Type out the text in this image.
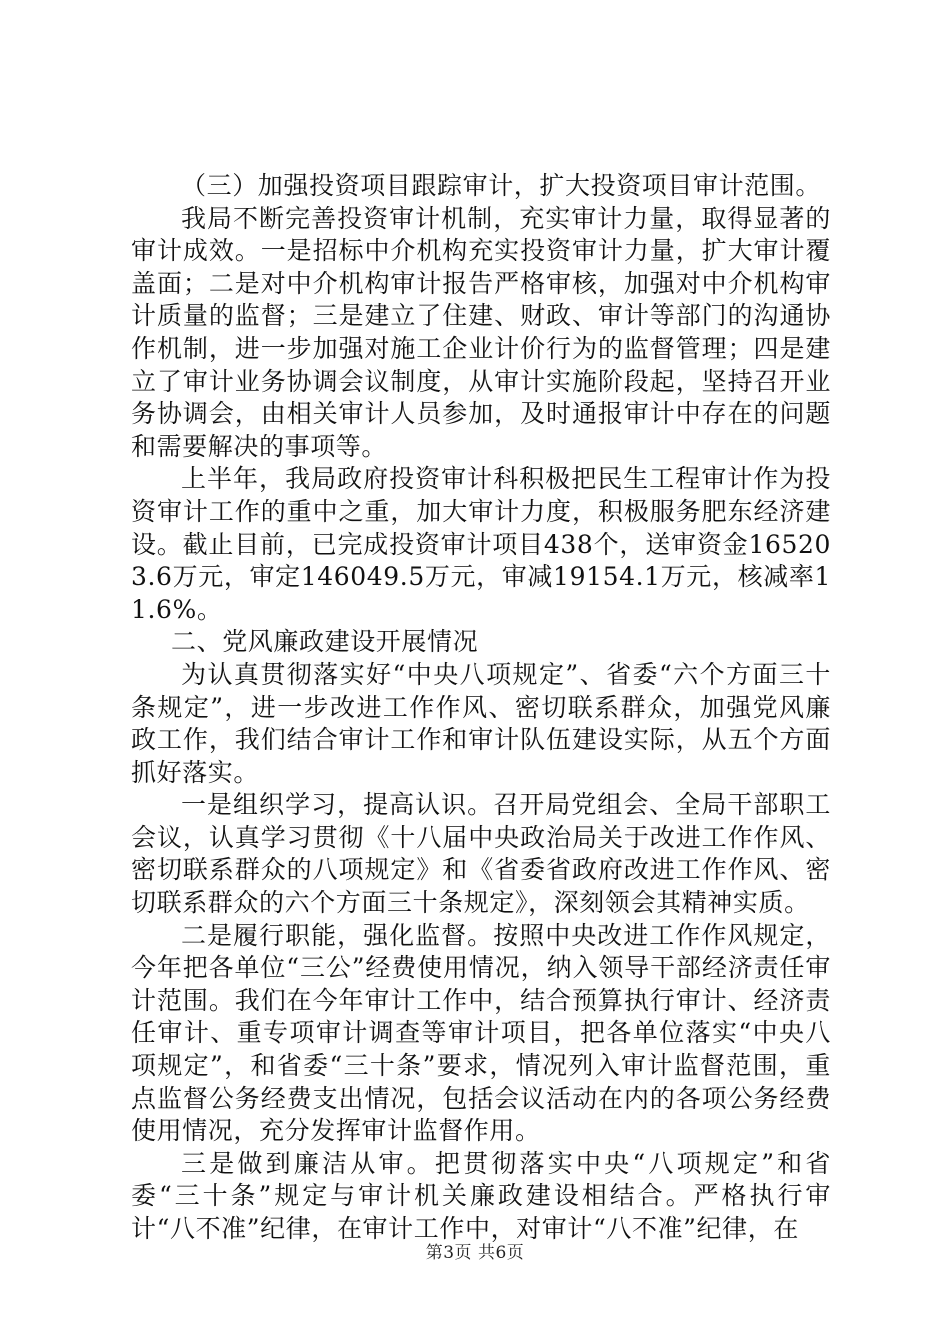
（三）加强投资项目跟踪审计，扩大投资项目审计范围。

我局不断完善投资审计机制，充实审计力量，取得显著的审计成效。一是招标中介机构充实投资审计力量，扩大审计覆盖面；二是对中介机构审计报告严格审核，加强对中介机构审计质量的监督；三是建立了住建、财政、审计等部门的沟通协作机制，进一步加强对施工企业计价行为的监督管理；四是建立了审计业务协调会议制度，从审计实施阶段起，坚持召开业务协调会，由相关审计人员参加，及时通报审计中存在的问题和需要解决的事项等。

上半年，我局政府投资审计科积极把民生工程审计作为投资审计工作的重中之重，加大审计力度，积极服务肥东经济建设。截止目前，已完成投资审计项目438个，送审资金165203.6万元，审定146049.5万元，审减19154.1万元，核减率11.6%。

二、党风廉政建设开展情况

为认真贯彻落实好“中央八项规定”、省委“六个方面三十条规定”，进一步改进工作作风、密切联系群众，加强党风廉政工作，我们结合审计工作和审计队伍建设实际，从五个方面抓好落实。

一是组织学习，提高认识。召开局党组会、全局干部职工会议，认真学习贯彻《十八届中央政治局关于改进工作作风、密切联系群众的八项规定》和《省委省政府改进工作作风、密切联系群众的六个方面三十条规定》，深刻领会其精神实质。

二是履行职能，强化监督。按照中央改进工作作风规定，今年把各单位“三公”经费使用情况，纳入领导干部经济责任审计范围。我们在今年审计工作中，结合预算执行审计、经济责任审计、重专项审计调查等审计项目，把各单位落实“中央八项规定”，和省委“三十条”要求，情况列入审计监督范围，重点监督公务经费支出情况，包括会议活动在内的各项公务经费使用情况，充分发挥审计监督作用。

三是做到廉洁从审。把贯彻落实中央“八项规定”和省委“三十条”规定与审计机关廉政建设相结合。严格执行审计“八不准”纪律，在审计工作中，对审计“八不准”纪律，在

第3页 共6页
